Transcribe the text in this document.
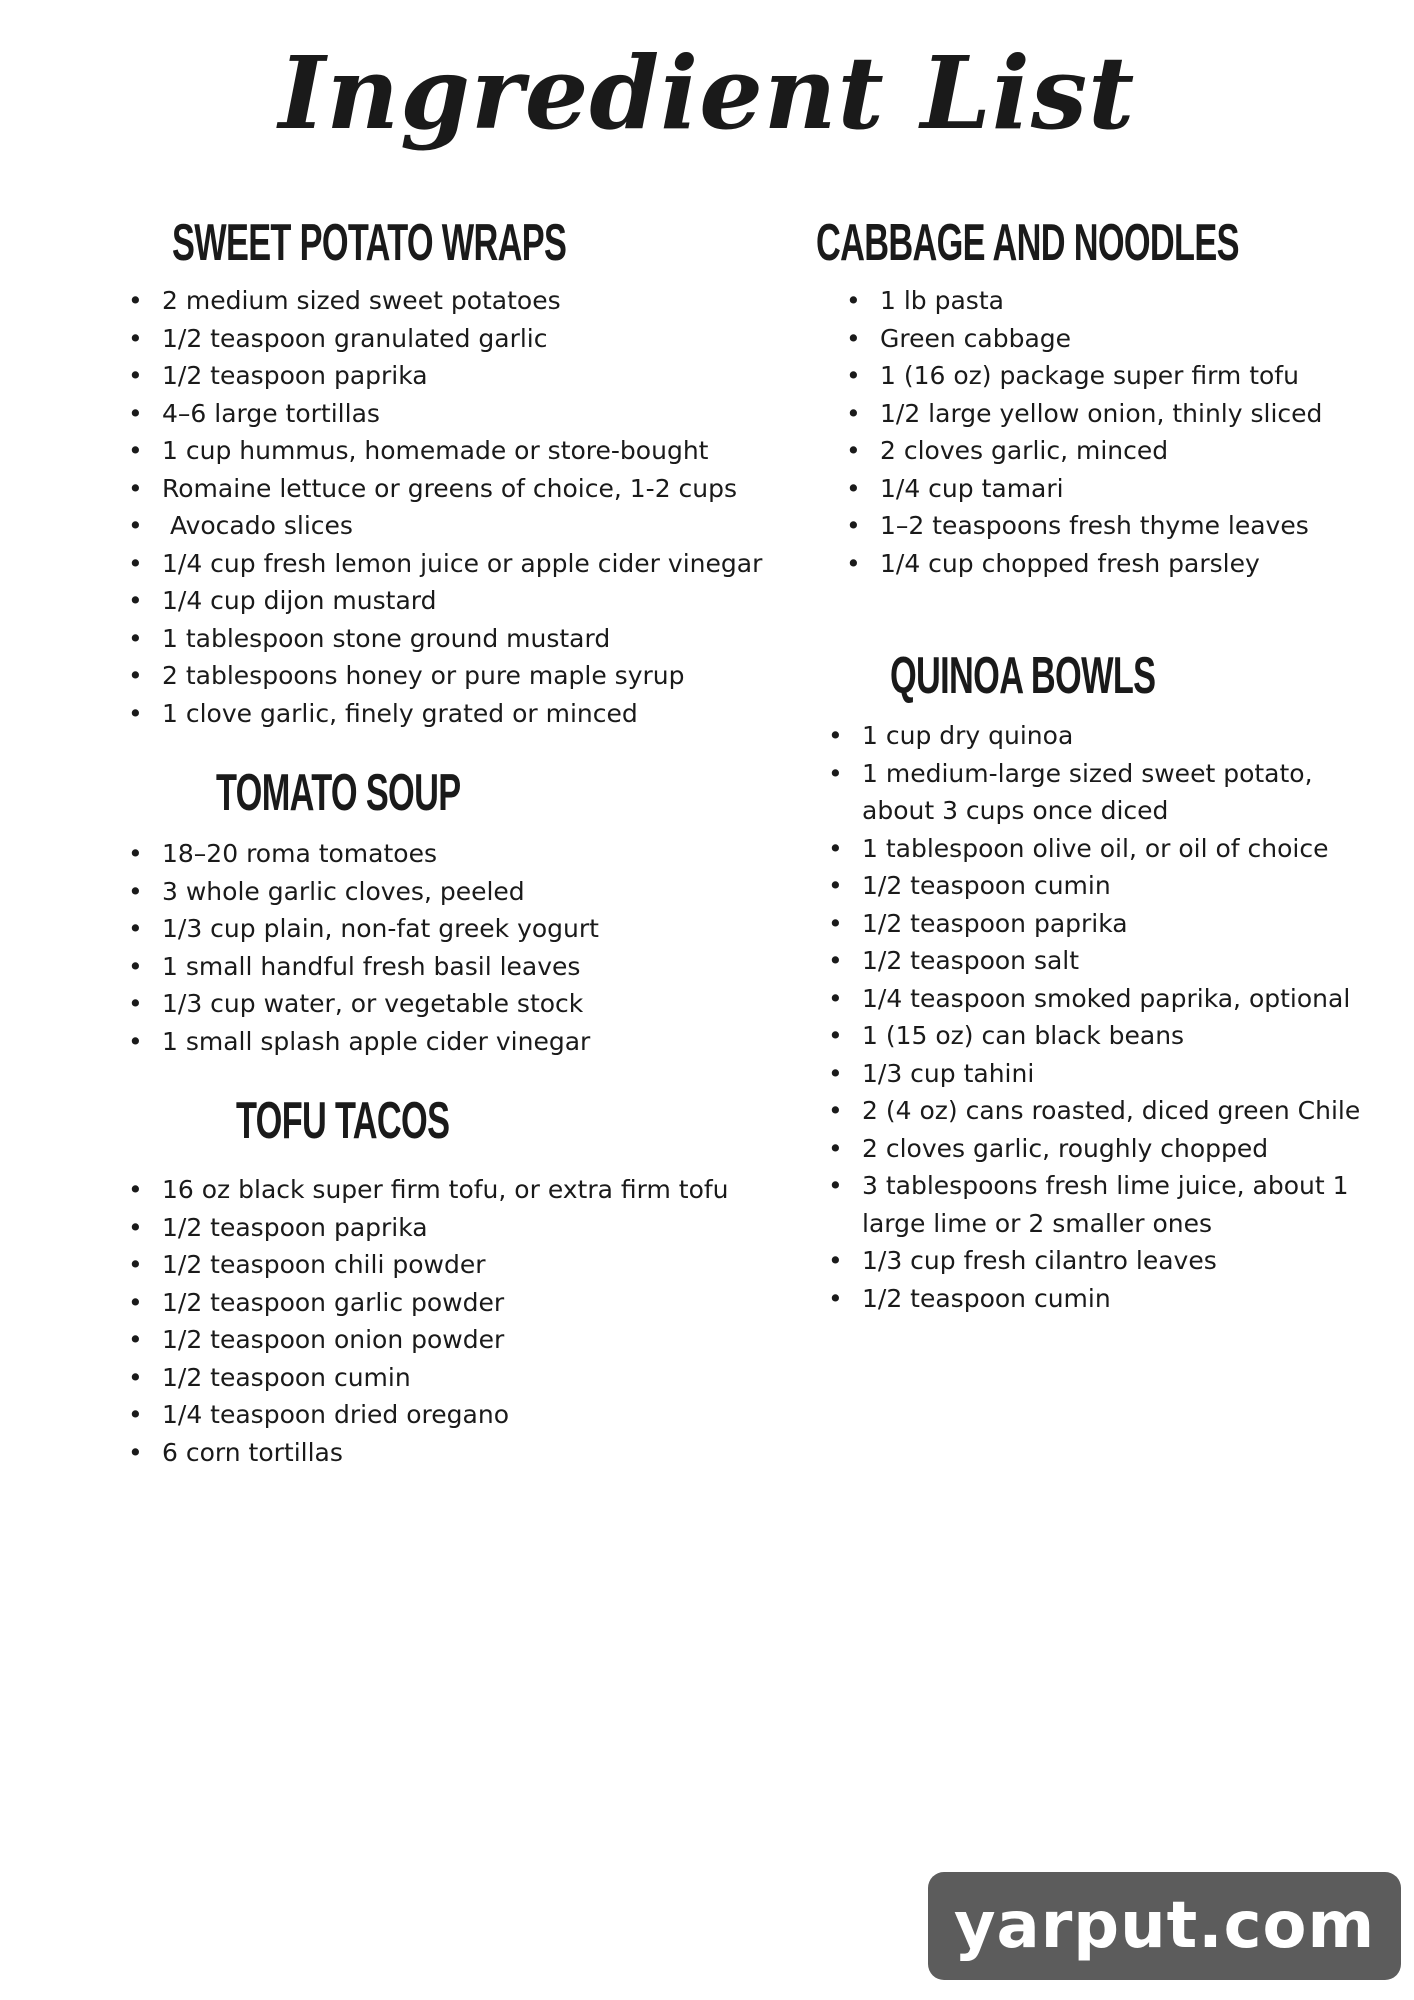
Ingredient List
SWEET POTATO WRAPS
• 2 medium sized sweet potatoes
• 1/2 teaspoon granulated garlic
• 1/2 teaspoon paprika
• 4–6 large tortillas
• 1 cup hummus, homemade or store-bought
• Romaine lettuce or greens of choice, 1-2 cups
•  Avocado slices
• 1/4 cup fresh lemon juice or apple cider vinegar
• 1/4 cup dijon mustard
• 1 tablespoon stone ground mustard
• 2 tablespoons honey or pure maple syrup
• 1 clove garlic, finely grated or minced
TOMATO SOUP
• 18–20 roma tomatoes
• 3 whole garlic cloves, peeled
• 1/3 cup plain, non-fat greek yogurt
• 1 small handful fresh basil leaves
• 1/3 cup water, or vegetable stock
• 1 small splash apple cider vinegar
TOFU TACOS
• 16 oz black super firm tofu, or extra firm tofu
• 1/2 teaspoon paprika
• 1/2 teaspoon chili powder
• 1/2 teaspoon garlic powder
• 1/2 teaspoon onion powder
• 1/2 teaspoon cumin
• 1/4 teaspoon dried oregano
• 6 corn tortillas
CABBAGE AND NOODLES
• 1 lb pasta
• Green cabbage
• 1 (16 oz) package super firm tofu
• 1/2 large yellow onion, thinly sliced
• 2 cloves garlic, minced
• 1/4 cup tamari
• 1–2 teaspoons fresh thyme leaves
• 1/4 cup chopped fresh parsley
QUINOA BOWLS
• 1 cup dry quinoa
• 1 medium-large sized sweet potato,
about 3 cups once diced
• 1 tablespoon olive oil, or oil of choice
• 1/2 teaspoon cumin
• 1/2 teaspoon paprika
• 1/2 teaspoon salt
• 1/4 teaspoon smoked paprika, optional
• 1 (15 oz) can black beans
• 1/3 cup tahini
• 2 (4 oz) cans roasted, diced green Chile
• 2 cloves garlic, roughly chopped
• 3 tablespoons fresh lime juice, about 1
large lime or 2 smaller ones
• 1/3 cup fresh cilantro leaves
• 1/2 teaspoon cumin
yarput.com
